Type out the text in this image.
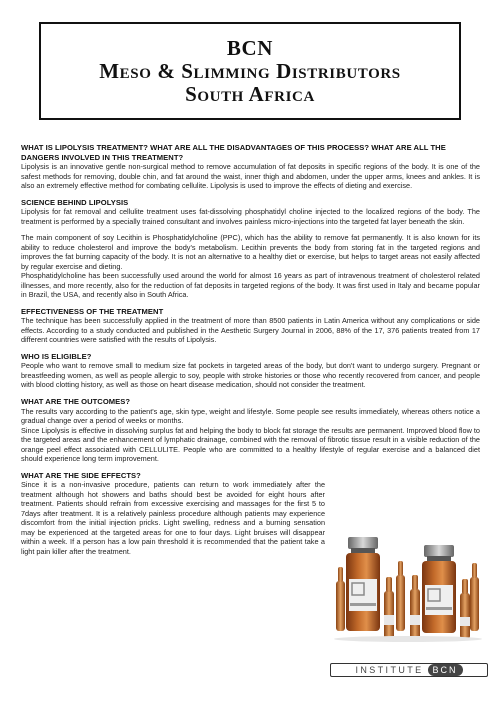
BCN
Meso & Slimming Distributors
South Africa
WHAT IS LIPOLYSIS TREATMENT? WHAT ARE ALL THE DISADVANTAGES OF THIS PROCESS? WHAT ARE ALL THE DANGERS INVOLVED IN THIS TREATMENT?

Lipolysis is an innovative gentle non-surgical method to remove accumulation of fat deposits in specific regions of the body. It is one of the safest methods for removing, double chin, and fat around the waist, inner thigh and abdomen, under the upper arms, knees and ankles. It is also an extremely effective method for combating cellulite. Lipolysis is used to improve the effects of dieting and exercise.

SCIENCE BEHIND LIPOLYSIS

Lipolysis for fat removal and cellulite treatment uses fat-dissolving phosphatidyl choline injected to the localized regions of the body. The treatment is performed by a specially trained consultant and involves painless micro-injections into the targeted fat layer beneath the skin.

The main component of soy Lecithin is Phosphatidylcholine (PPC), which has the ability to remove fat permanently. It is also known for its ability to reduce cholesterol and improve the body's metabolism. Lecithin prevents the body from storing fat in the targeted regions and improves the fat burning capacity of the body. It is not an alternative to a healthy diet or exercise, but helps to target areas not easily affected by regular exercise and dieting.

Phosphatidylcholine has been successfully used around the world for almost 16 years as part of intravenous treatment of cholesterol related illnesses, and more recently, also for the reduction of fat deposits in targeted regions of the body. It was first used in Italy and became popular in Brazil, the USA, and recently also in South Africa.

EFFECTIVENESS OF THE TREATMENT

The technique has been successfully applied in the treatment of more than 8500 patients in Latin America without any complications or side effects. According to a study conducted and published in the Aesthetic Surgery Journal in 2006, 88% of the 17, 376 patients treated from 17 different countries were satisfied with the results of Lipolysis.

WHO IS ELIGIBLE?

People who want to remove small to medium size fat pockets in targeted areas of the body, but don't want to undergo surgery. Pregnant or breastfeeding women, as well as people allergic to soy, people with stroke histories or those who recently recovered from cancer, and people with blood clotting history, as well as those on heart disease medication, should not consider the treatment.

WHAT ARE THE OUTCOMES?

The results vary according to the patient's age, skin type, weight and lifestyle. Some people see results immediately, whereas others notice a gradual change over a period of weeks or months.

Since Lipolysis is effective in dissolving surplus fat and helping the body to block fat storage the results are permanent. Improved blood flow to the targeted areas and the enhancement of lymphatic drainage, combined with the removal of fibrotic tissue result in a visible reduction of the orange peel effect associated with CELLULITE. People who are committed to a healthy lifestyle of regular exercise and a balanced diet should experience long term improvement.

WHAT ARE THE SIDE EFFECTS?

Since it is a non-invasive procedure, patients can return to work immediately after the treatment although hot showers and baths should best be avoided for eight hours after treatment. Patients should refrain from excessive exercising and massages for the first 5 to 7days after treatment. It is a relatively painless procedure although patients may experience discomfort from the initial injection pricks. Light swelling, redness and a burning sensation may be experienced at the targeted areas for one to four days. Light bruises will disappear within a week. If a person has a low pain threshold it is recommended that the patient take a light pain killer after the treatment.

INSTITUTE	BCN
